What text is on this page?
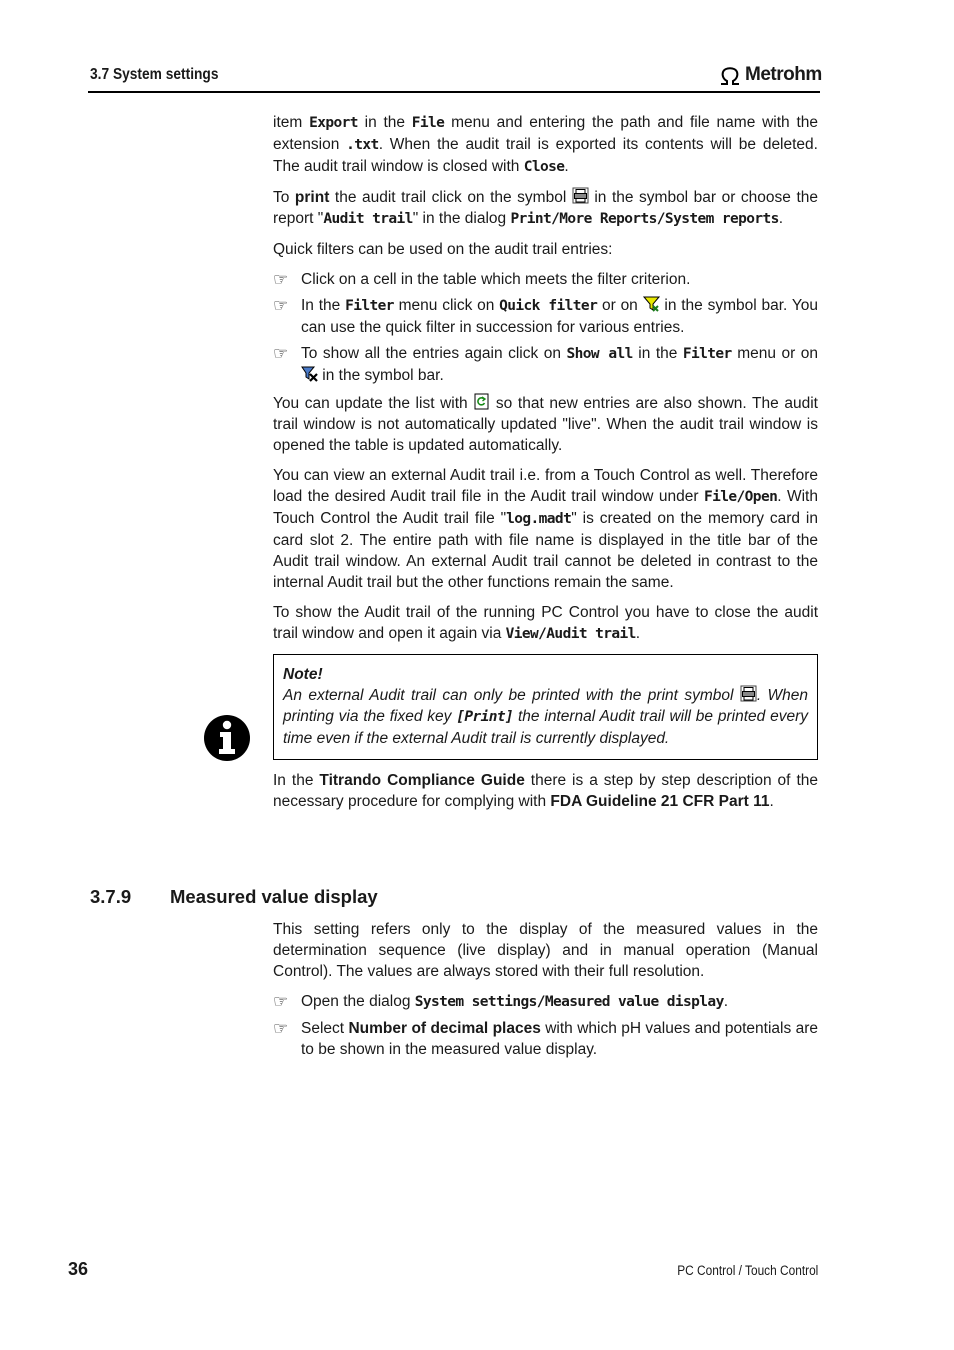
3.7 System settings	Metrohm

item Export in the File menu and entering the path and file name with the extension .txt. When the audit trail is exported its contents will be deleted. The audit trail window is closed with Close.

To print the audit trail click on the symbol  in the symbol bar or choose the report "Audit trail" in the dialog Print/More Reports/System reports.

Quick filters can be used on the audit trail entries:

☞ Click on a cell in the table which meets the filter criterion.
☞ In the Filter menu click on Quick filter or on  in the symbol bar. You can use the quick filter in succession for various entries.
☞ To show all the entries again click on Show all in the Filter menu or on  in the symbol bar.

You can update the list with  so that new entries are also shown. The audit trail window is not automatically updated "live". When the audit trail window is opened the table is updated automatically.

You can view an external Audit trail i.e. from a Touch Control as well. Therefore load the desired Audit trail file in the Audit trail window under File/Open. With Touch Control the Audit trail file "log.madt" is created on the memory card in card slot 2. The entire path with file name is displayed in the title bar of the Audit trail window. An external Audit trail cannot be deleted in contrast to the internal Audit trail but the other functions remain the same.

To show the Audit trail of the running PC Control you have to close the audit trail window and open it again via View/Audit trail.

Note!
An external Audit trail can only be printed with the print symbol . When printing via the fixed key [Print] the internal Audit trail will be printed every time even if the external Audit trail is currently displayed.

In the Titrando Compliance Guide there is a step by step description of the necessary procedure for complying with FDA Guideline 21 CFR Part 11.

3.7.9 Measured value display

This setting refers only to the display of the measured values in the determination sequence (live display) and in manual operation (Manual Control). The values are always stored with their full resolution.

☞ Open the dialog System settings/Measured value display.
☞ Select Number of decimal places with which pH values and potentials are to be shown in the measured value display.
36	PC Control / Touch Control
